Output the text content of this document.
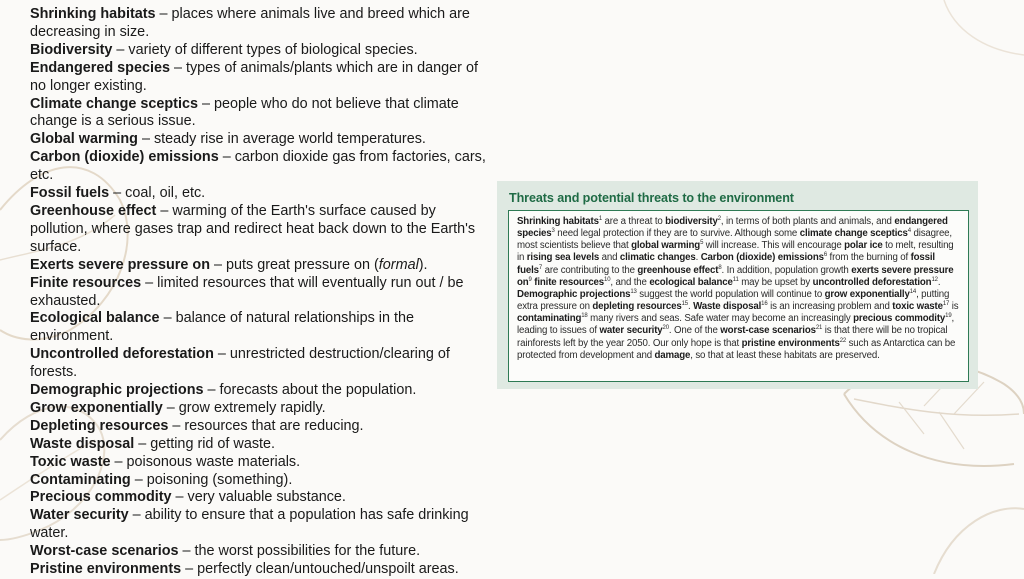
Shrinking habitats – places where animals live and breed which are decreasing in size.

Biodiversity – variety of different types of biological species.

Endangered species – types of animals/plants which are in danger of no longer existing.

Climate change sceptics – people who do not believe that climate change is a serious issue.

Global warming – steady rise in average world temperatures.

Carbon (dioxide) emissions – carbon dioxide gas from factories, cars, etc.

Fossil fuels – coal, oil, etc.

Greenhouse effect – warming of the Earth's surface caused by pollution, where gases trap and redirect heat back down to the Earth's surface.

Exerts severe pressure on – puts great pressure on (formal).

Finite resources – limited resources that will eventually run out / be exhausted.

Ecological balance – balance of natural relationships in the environment.

Uncontrolled deforestation – unrestricted destruction/clearing of forests.

Demographic projections – forecasts about the population.

Grow exponentially – grow extremely rapidly.

Depleting resources – resources that are reducing.

Waste disposal – getting rid of waste.

Toxic waste – poisonous waste materials.

Contaminating – poisoning (something).

Precious commodity – very valuable substance.

Water security – ability to ensure that a population has safe drinking water.

Worst-case scenarios – the worst possibilities for the future.

Pristine environments – perfectly clean/untouched/unspoilt areas.

Threats and potential threats to the environment

Shrinking habitats$^1$ are a threat to biodiversity$^2$, in terms of both plants and animals, and endangered species$^3$ need legal protection if they are to survive. Although some climate change sceptics$^4$ disagree, most scientists believe that global warming$^5$ will increase. This will encourage polar ice to melt, resulting in rising sea levels and climatic changes. Carbon (dioxide) emissions$^6$ from the burning of fossil fuels$^7$ are contributing to the greenhouse effect$^8$. In addition, population growth exerts severe pressure $on^9$ finite resources$^{10}$, and the ecological balance$^{11}$ may be upset by uncontrolled deforestation$^{12}$. Demographic projections$^{13}$ suggest the world population will continue to grow exponentially$^{14}$, putting extra pressure on depleting resources$^{15}$. Waste disposal$^{16}$ is an increasing problem and toxic waste$^{17}$ is contaminating$^{18}$ many rivers and seas. Safe water may become an increasingly precious commodity$^{19}$, leading to issues of water security$^{20}$. One of the worst-case scenarios$^{21}$ is that there will be no tropical rainforests left by the year 2050. Our only hope is that pristine environments$^{22}$ such as Antarctica can be protected from development and damage, so that at least these habitats are preserved.
